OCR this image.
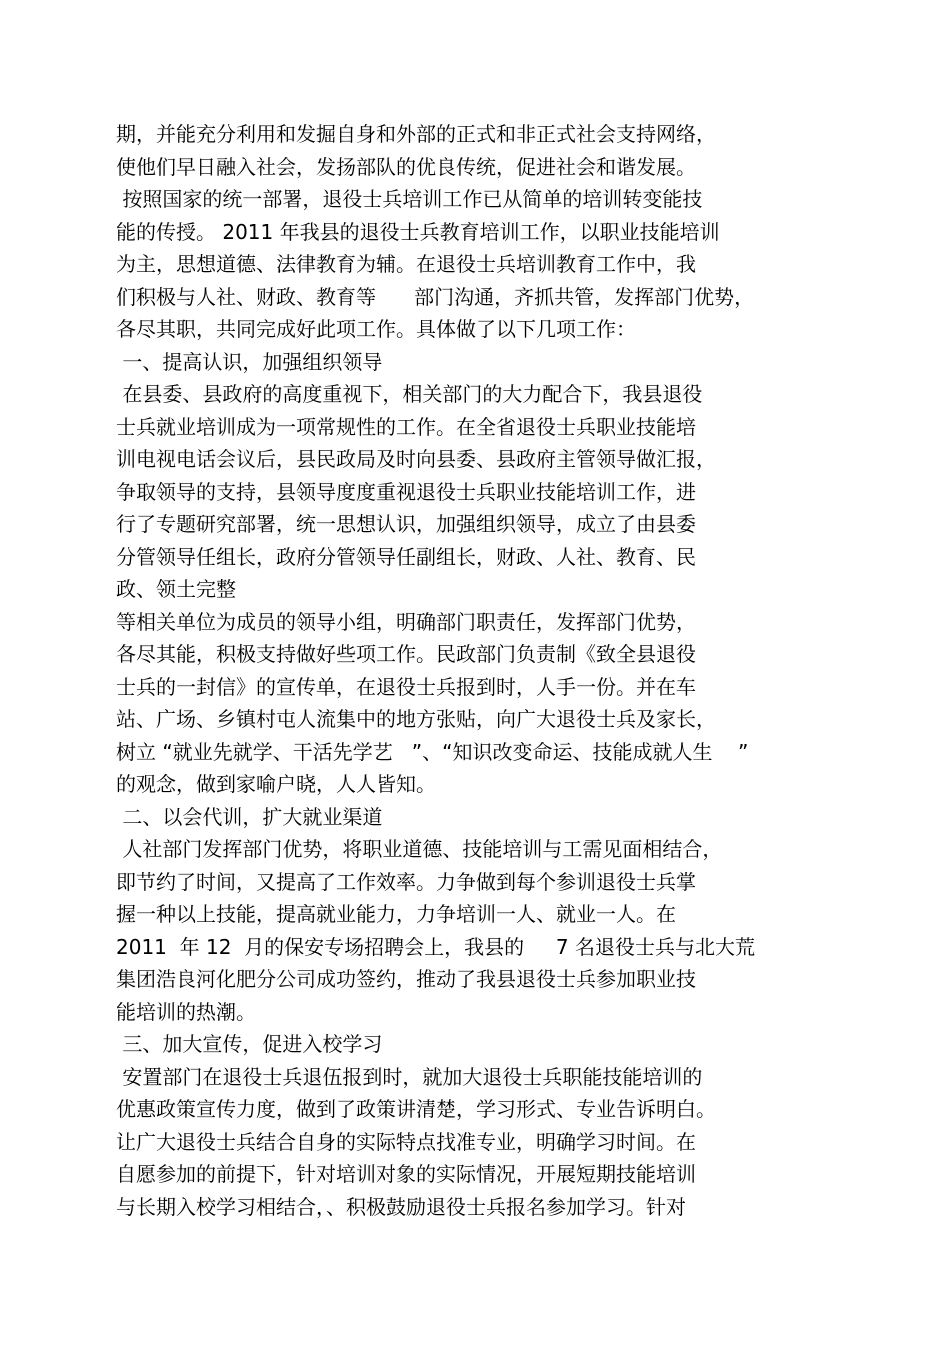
期，并能充分利用和发掘自身和外部的正式和非正式社会支持网络，
使他们早日融入社会，发扬部队的优良传统，促进社会和谐发展。
按照国家的统一部署，退役士兵培训工作已从简单的培训转变能技
能的传授。 2011 年我县的退役士兵教育培训工作，以职业技能培训
为主，思想道德、法律教育为辅。在退役士兵培训教育工作中，我
们积极与人社、财政、教育等      部门沟通，齐抓共管，发挥部门优势，
各尽其职，共同完成好此项工作。具体做了以下几项工作：
一、提高认识，加强组织领导
在县委、县政府的高度重视下，相关部门的大力配合下，我县退役
士兵就业培训成为一项常规性的工作。在全省退役士兵职业技能培
训电视电话会议后，县民政局及时向县委、县政府主管领导做汇报，
争取领导的支持，县领导度度重视退役士兵职业技能培训工作，进
行了专题研究部署，统一思想认识，加强组织领导，成立了由县委
分管领导任组长，政府分管领导任副组长，财政、人社、教育、民
政、领土完整
等相关单位为成员的领导小组，明确部门职责任，发挥部门优势，
各尽其能，积极支持做好些项工作。民政部门负责制《致全县退役
士兵的一封信》的宣传单，在退役士兵报到时，人手一份。并在车
站、广场、乡镇村屯人流集中的地方张贴，向广大退役士兵及家长，
树立 “就业先就学、干活先学艺   ”、“知识改变命运、技能成就人生    ”
的观念，做到家喻户晓，人人皆知。
二、以会代训，扩大就业渠道
人社部门发挥部门优势，将职业道德、技能培训与工需见面相结合，
即节约了时间，又提高了工作效率。力争做到每个参训退役士兵掌
握一种以上技能，提高就业能力，力争培训一人、就业一人。在
2011  年 12  月的保安专场招聘会上，我县的     7 名退役士兵与北大荒
集团浩良河化肥分公司成功签约，推动了我县退役士兵参加职业技
能培训的热潮。
三、加大宣传，促进入校学习
安置部门在退役士兵退伍报到时，就加大退役士兵职能技能培训的
优惠政策宣传力度，做到了政策讲清楚，学习形式、专业告诉明白。
让广大退役士兵结合自身的实际特点找准专业，明确学习时间。在
自愿参加的前提下，针对培训对象的实际情况，开展短期技能培训
与长期入校学习相结合，、积极鼓励退役士兵报名参加学习。针对
